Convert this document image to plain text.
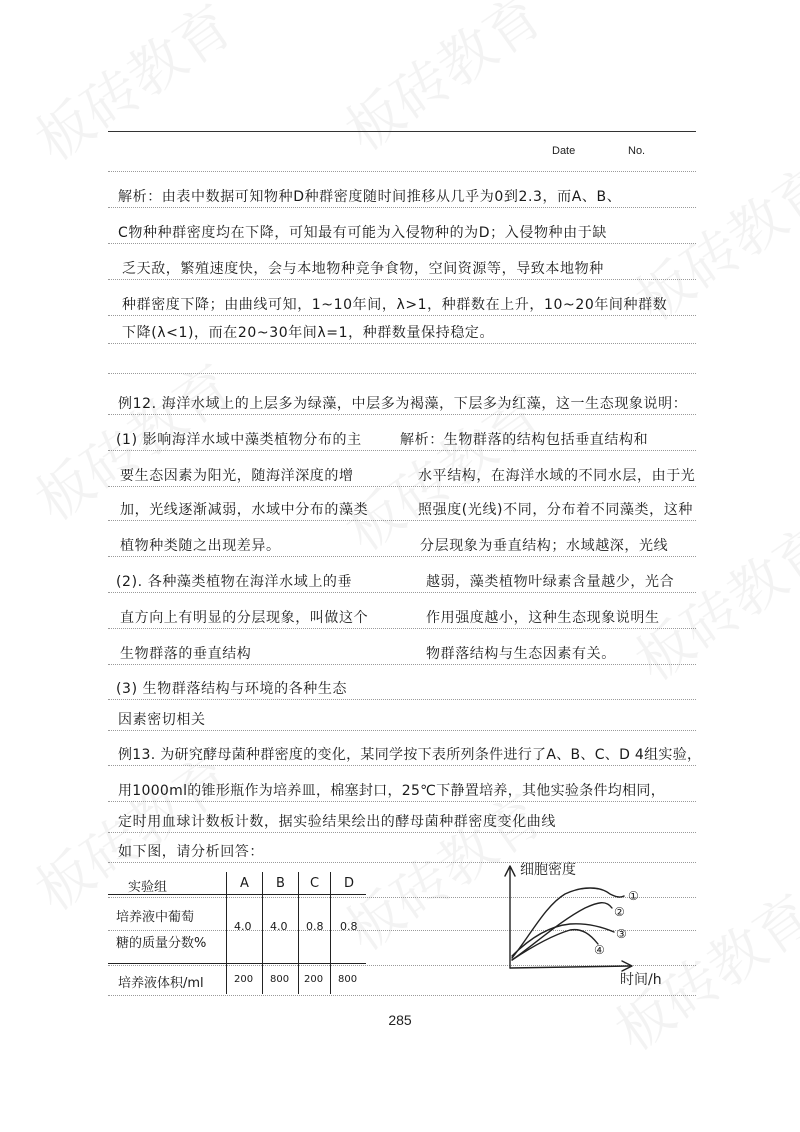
Date	No.
解析：由表中数据可知物种D种群密度随时间推移从几乎为0到2.3，而A、B、
C物种种群密度均在下降，可知最有可能为入侵物种的为D；入侵物种由于缺
乏天敌，繁殖速度快，会与本地物种竞争食物，空间资源等，导致本地物种
种群密度下降；由曲线可知，1~10年间，λ>1，种群数在上升，10~20年间种群数
下降(λ<1)，而在20~30年间λ=1，种群数量保持稳定。
例12. 海洋水域上的上层多为绿藻，中层多为褐藻，下层多为红藻，这一生态现象说明：
(1) 影响海洋水域中藻类植物分布的主
要生态因素为阳光，随海洋深度的增
加，光线逐渐减弱，水域中分布的藻类
植物种类随之出现差异。
(2). 各种藻类植物在海洋水域上的垂
直方向上有明显的分层现象，叫做这个
生物群落的垂直结构
(3) 生物群落结构与环境的各种生态
因素密切相关
解析：生物群落的结构包括垂直结构和
水平结构，在海洋水域的不同水层，由于光
照强度(光线)不同，分布着不同藻类，这种
分层现象为垂直结构；水域越深，光线
越弱，藻类植物叶绿素含量越少，光合
作用强度越小，这种生态现象说明生
物群落结构与生态因素有关。
例13. 为研究酵母菌种群密度的变化，某同学按下表所列条件进行了A、B、C、D 4组实验，
用1000ml的锥形瓶作为培养皿，棉塞封口，25℃下静置培养，其他实验条件均相同，
定时用血球计数板计数，据实验结果绘出的酵母菌种群密度变化曲线
如下图，请分析回答：
实验组	A B C D
培养液中葡萄
糖的质量分数%
4.0 4.0 0.8 0.8
培养液体积/ml	200 800 200 800
①
②
③
④
细胞密度
时间/h
285
